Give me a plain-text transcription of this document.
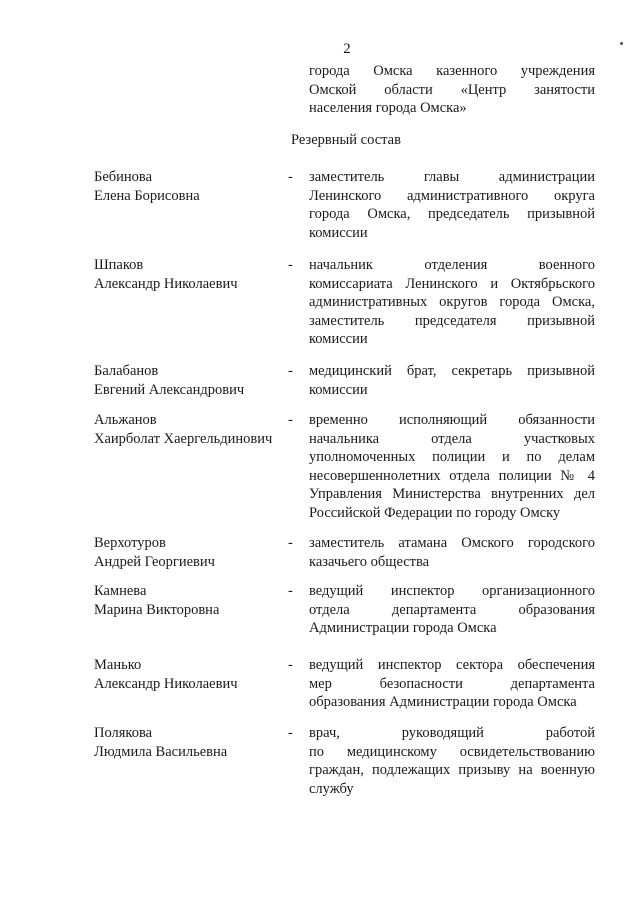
2
города Омска казенного учреждения
Омской области «Центр занятости
населения города Омска»
Резервный состав
Бебинова
Елена Борисовна
- заместитель главы администрации
Ленинского административного округа
города Омска, председатель призывной
комиссии
Шпаков
Александр Николаевич
- начальник отделения военного
комиссариата Ленинского и Октябрьского
административных округов города Омска,
заместитель председателя призывной
комиссии
Балабанов
Евгений Александрович
- медицинский брат, секретарь призывной
комиссии
Альжанов
Хаирболат Хаергельдинович
- временно исполняющий обязанности
начальника отдела участковых
уполномоченных полиции и по делам
несовершеннолетних отдела полиции № 4
Управления Министерства внутренних дел
Российской Федерации по городу Омску
Верхотуров
Андрей Георгиевич
- заместитель атамана Омского городского
казачьего общества
Камнева
Марина Викторовна
- ведущий инспектор организационного
отдела департамента образования
Администрации города Омска
Манько
Александр Николаевич
- ведущий инспектор сектора обеспечения
мер безопасности департамента
образования Администрации города Омска
Полякова
Людмила Васильевна
- врач, руководящий работой
по медицинскому освидетельствованию
граждан, подлежащих призыву на военную
службу
